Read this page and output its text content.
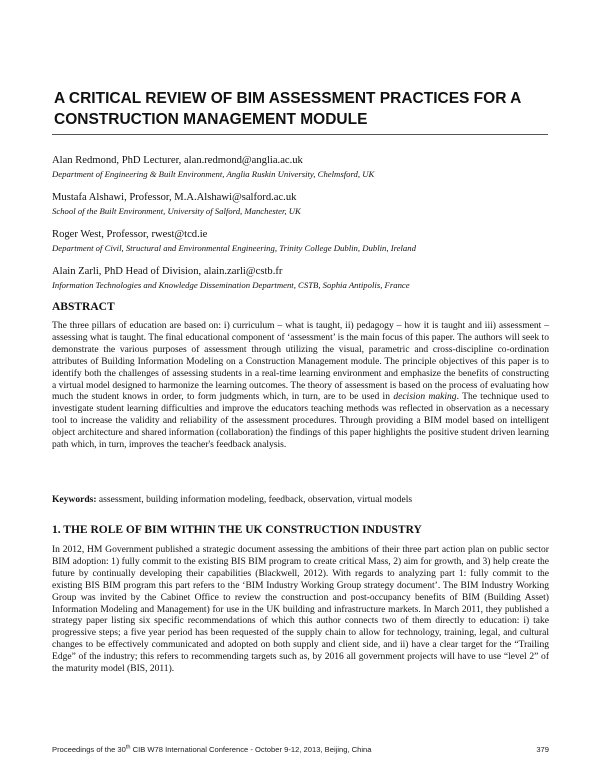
A CRITICAL REVIEW OF BIM ASSESSMENT PRACTICES FOR A CONSTRUCTION MANAGEMENT MODULE
Alan Redmond, PhD Lecturer, alan.redmond@anglia.ac.uk
Department of Engineering & Built Environment, Anglia Ruskin University, Chelmsford, UK
Mustafa Alshawi, Professor, M.A.Alshawi@salford.ac.uk
School of the Built Environment, University of Salford, Manchester, UK
Roger West, Professor, rwest@tcd.ie
Department of Civil, Structural and Environmental Engineering, Trinity College Dublin, Dublin, Ireland
Alain Zarli, PhD Head of Division, alain.zarli@cstb.fr
Information Technologies and Knowledge Dissemination Department, CSTB, Sophia Antipolis, France
ABSTRACT

The three pillars of education are based on: i) curriculum – what is taught, ii) pedagogy – how it is taught and iii) assessment – assessing what is taught. The final educational component of ‘assessment’ is the main focus of this paper. The authors will seek to demonstrate the various purposes of assessment through utilizing the visual, parametric and cross-discipline co-ordination attributes of Building Information Modeling on a Construction Management module. The principle objectives of this paper is to identify both the challenges of assessing students in a real-time learning environment and emphasize the benefits of constructing a virtual model designed to harmonize the learning outcomes. The theory of assessment is based on the process of evaluating how much the student knows in order, to form judgments which, in turn, are to be used in decision making. The technique used to investigate student learning difficulties and improve the educators teaching methods was reflected in observation as a necessary tool to increase the validity and reliability of the assessment procedures. Through providing a BIM model based on intelligent object architecture and shared information (collaboration) the findings of this paper highlights the positive student driven learning path which, in turn, improves the teacher's feedback analysis.

Keywords: assessment, building information modeling, feedback, observation, virtual models

1. THE ROLE OF BIM WITHIN THE UK CONSTRUCTION INDUSTRY

In 2012, HM Government published a strategic document assessing the ambitions of their three part action plan on public sector BIM adoption: 1) fully commit to the existing BIS BIM program to create critical Mass, 2) aim for growth, and 3) help create the future by continually developing their capabilities (Blackwell, 2012). With regards to analyzing part 1: fully commit to the existing BIS BIM program this part refers to the ‘BIM Industry Working Group strategy document’. The BIM Industry Working Group was invited by the Cabinet Office to review the construction and post-occupancy benefits of BIM (Building Asset) Information Modeling and Management) for use in the UK building and infrastructure markets. In March 2011, they published a strategy paper listing six specific recommendations of which this author connects two of them directly to education: i) take progressive steps; a five year period has been requested of the supply chain to allow for technology, training, legal, and cultural changes to be effectively communicated and adopted on both supply and client side, and ii) have a clear target for the “Trailing Edge” of the industry; this refers to recommending targets such as, by 2016 all government projects will have to use “level 2” of the maturity model (BIS, 2011).

Proceedings of the 30th CIB W78 International Conference - October 9-12, 2013, Beijing, China	379
